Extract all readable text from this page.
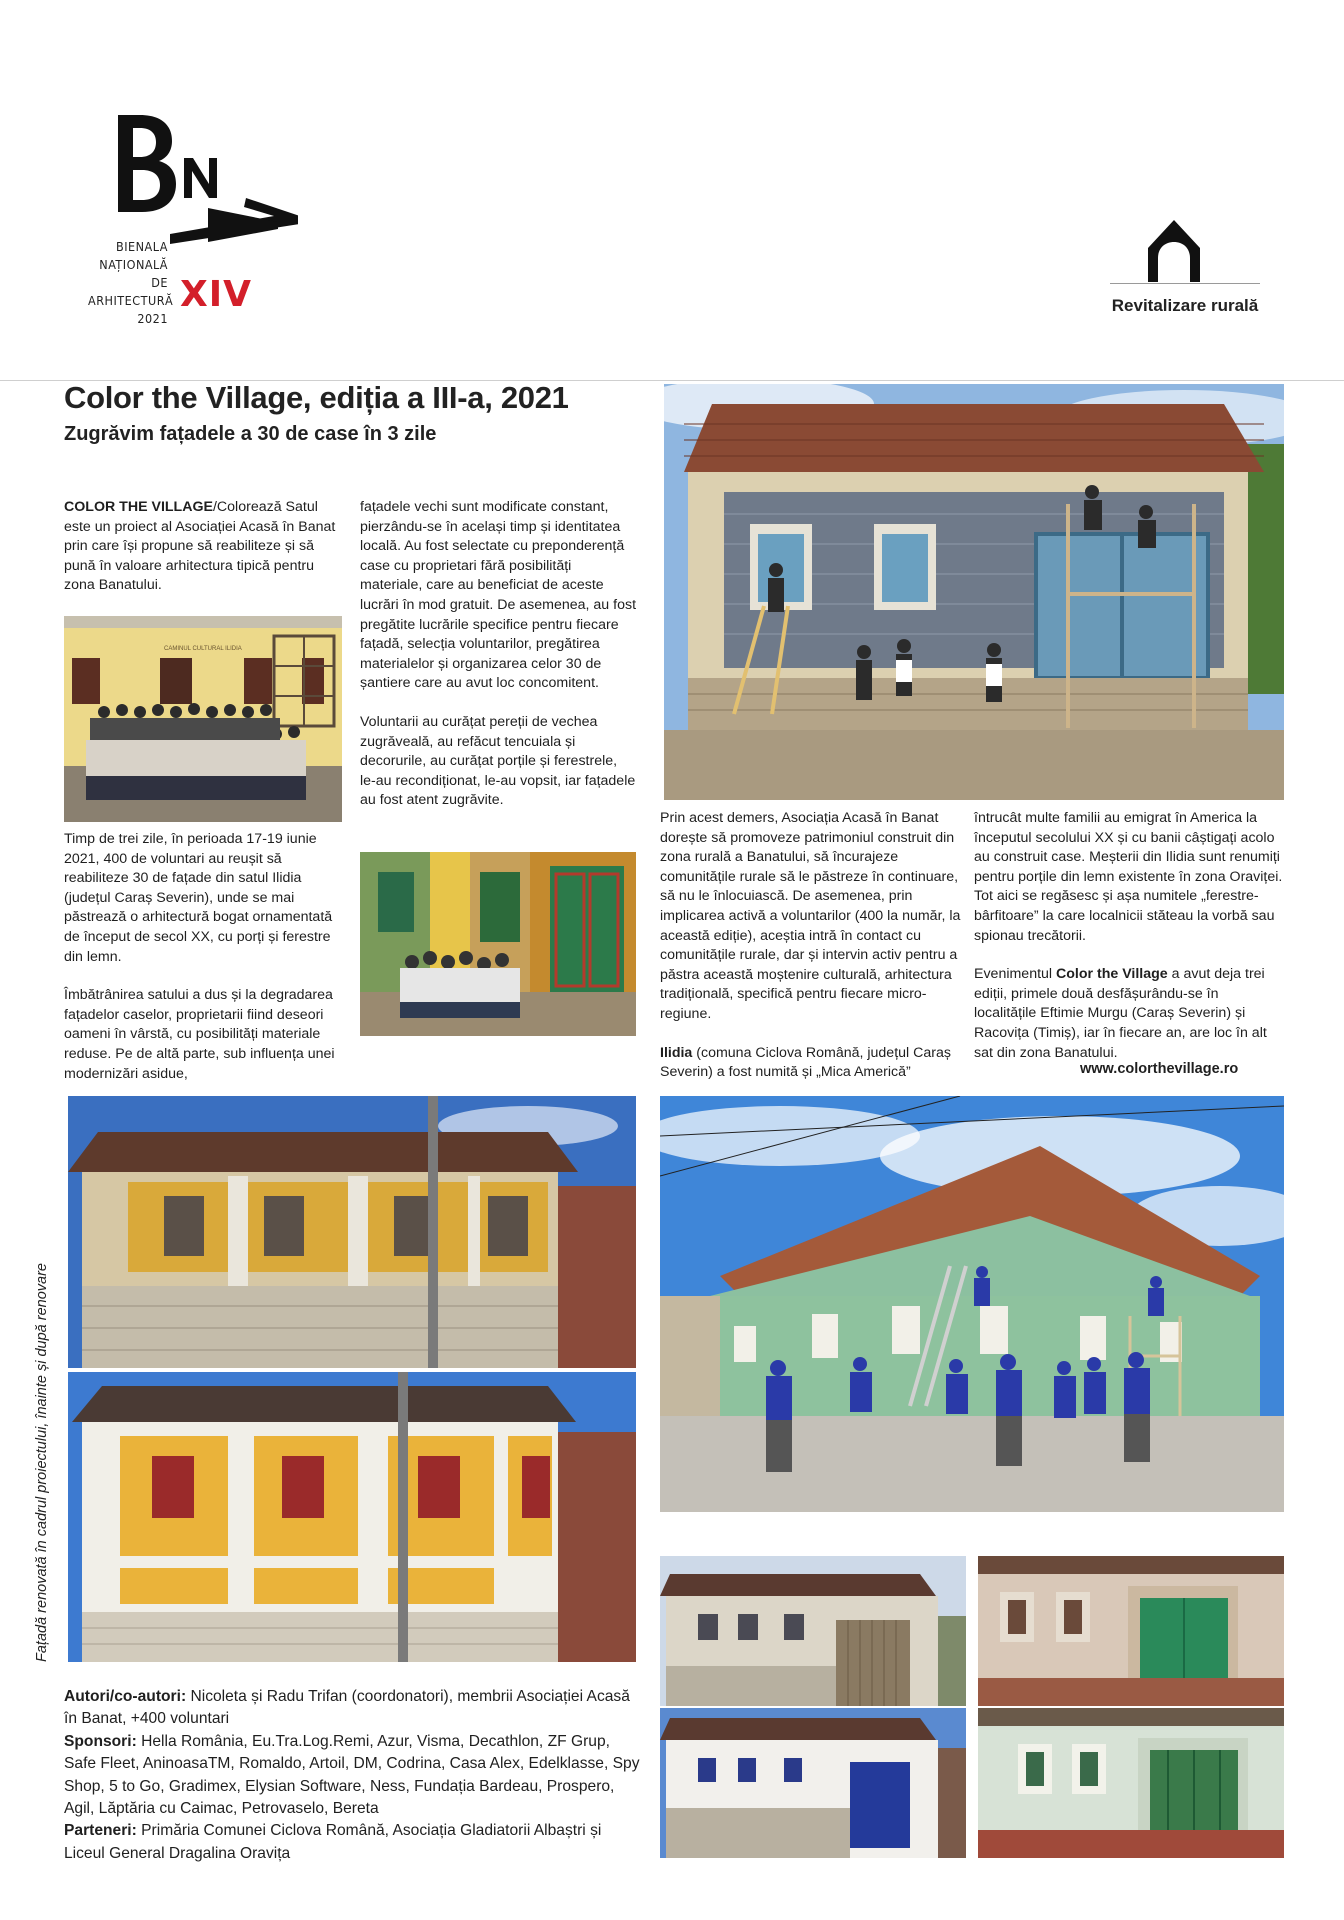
BIENALA
NAȚIONALĂ
DE
ARHITECTURĂ
2021
XIV	Revitalizare rurală
Color the Village, ediția a III-a, 2021
Zugrăvim fațadele a 30 de case în 3 zile

COLOR THE VILLAGE/Colorează Satul este un proiect al Asociației Acasă în Banat prin care își propune să reabiliteze și să pună în valoare arhitectura tipică pentru zona Banatului.

CAMINUL CULTURAL ILIDIA

Timp de trei zile, în perioada 17-19 iunie 2021, 400 de voluntari au reușit să reabiliteze 30 de fațade din satul Ilidia (județul Caraș Severin), unde se mai păstrează o arhitectură bogat ornamentată de început de secol XX, cu porți și ferestre din lemn.

Îmbătrânirea satului a dus și la degradarea fațadelor caselor, proprietarii fiind deseori oameni în vârstă, cu posibilități materiale reduse. Pe de altă parte, sub influența unei modernizări asidue,

fațadele vechi sunt modificate constant, pierzându-se în același timp și identitatea locală. Au fost selectate cu preponderență case cu proprietari fără posibilități materiale, care au beneficiat de aceste lucrări în mod gratuit. De asemenea, au fost pregătite lucrările specifice pentru fiecare fațadă, selecția voluntarilor, pregătirea materialelor și organizarea celor 30 de șantiere care au avut loc concomitent.

Voluntarii au curățat pereții de vechea zugrăveală, au refăcut tencuiala și decorurile, au curățat porțile și ferestrele, le-au recondiționat, le-au vopsit, iar fațadele au fost atent zugrăvite.

Prin acest demers, Asociația Acasă în Banat dorește să promoveze patrimoniul construit din zona rurală a Banatului, să încurajeze comunitățile rurale să le păstreze în continuare, să nu le înlocuiască. De asemenea, prin implicarea activă a voluntarilor (400 la număr, la această ediție), aceștia intră în contact cu comunitățile rurale, dar și intervin activ pentru a păstra această moștenire culturală, arhitectura tradițională, specifică pentru fiecare micro-regiune.

Ilidia (comuna Ciclova Română, județul Caraș Severin) a fost numită și „Mica Americă”

întrucât multe familii au emigrat în America la începutul secolului XX și cu banii câștigați acolo au construit case. Meșterii din Ilidia sunt renumiți pentru porțile din lemn existente în zona Oraviței. Tot aici se regăsesc și așa numitele „ferestre-bârfitoare” la care localnicii stăteau la vorbă sau spionau trecătorii.

Evenimentul Color the Village a avut deja trei ediții, primele două desfășurându-se în localitățile Eftimie Murgu (Caraș Severin) și Racovița (Timiș), iar în fiecare an, are loc în alt sat din zona Banatului.

www.colorthevillage.ro
Fațadă renovată în cadrul proiectului, înainte și după renovare
Autori/co-autori: Nicoleta și Radu Trifan (coordonatori), membrii Asociației Acasă în Banat, +400 voluntari
Sponsori: Hella România, Eu.Tra.Log.Remi, Azur, Visma, Decathlon, ZF Grup, Safe Fleet, AninoasaTM, Romaldo, Artoil, DM, Codrina, Casa Alex, Edelklasse, Spy Shop, 5 to Go, Gradimex, Elysian Software, Ness, Fundația Bardeau, Prospero, Agil, Lăptăria cu Caimac, Petrovaselo, Bereta
Parteneri: Primăria Comunei Ciclova Română, Asociația Gladiatorii Albaștri și Liceul General Dragalina Oravița
